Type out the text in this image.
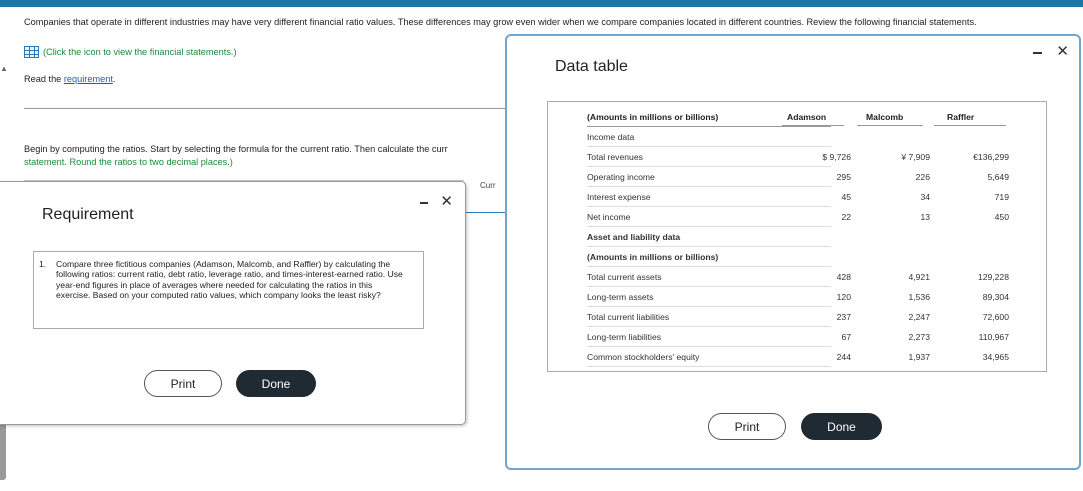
▲
Companies that operate in different industries may have very different financial ratio values. These differences may grow even wider when we compare companies located in different countries. Review the following financial statements.
(Click the icon to view the financial statements.)
Read the requirement.
Begin by computing the ratios. Start by selecting the formula for the current ratio. Then calculate the curr
statement. Round the ratios to two decimal places.)
Curr
Requirement
✕
1. Compare three fictitious companies (Adamson, Malcomb, and Raffler) by calculating the following ratios: current ratio, debt ratio, leverage ratio, and times-interest-earned ratio. Use year-end figures in place of averages where needed for calculating the ratios in this exercise. Based on your computed ratio values, which company looks the least risky?
Print	Done
Data table
✕
(Amounts in millions or billions)	Adamson	Malcomb	Raffler
Income data
Total revenues	$ 9,726	¥ 7,909	€136,299
Operating income	295	226	5,649
Interest expense	45	34	719
Net income	22	13	450
Asset and liability data
(Amounts in millions or billions)
Total current assets	428	4,921	129,228
Long-term assets	120	1,536	89,304
Total current liabilities	237	2,247	72,600
Long-term liabilities	67	2,273	110,967
Common stockholders' equity	244	1,937	34,965
Print	Done
